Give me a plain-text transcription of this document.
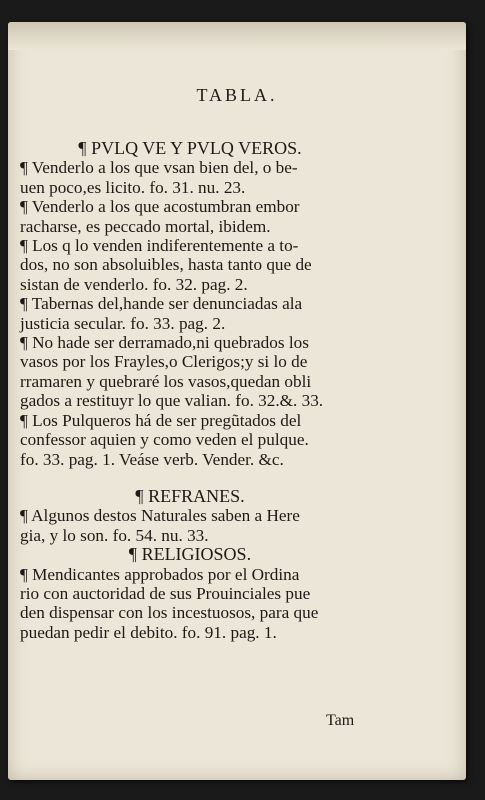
TABLA.
¶ PVLQ VE Y PVLQ VEROS.
¶ Venderlo a los que vsan bien del, o be-
uen poco,es licito. fo. 31. nu. 23.
¶ Venderlo a los que acostumbran embor
racharse, es peccado mortal, ibidem.
¶ Los q lo venden indiferentemente a to-
dos, no son absoluibles, hasta tanto que de
sistan de venderlo. fo. 32. pag. 2.
¶ Tabernas del,hande ser denunciadas ala
justicia secular. fo. 33. pag. 2.
¶ No hade ser derramado,ni quebrados los
vasos por los Frayles,o Clerigos;y si lo de
rramaren y quebraré los vasos,quedan obli
gados a restituyr lo que valian. fo. 32.&. 33.
¶ Los Pulqueros há de ser pregũtados del
confessor aquien y como veden el pulque.
fo. 33. pag. 1. Veáse verb. Vender. &c.
¶ REFRANES.
¶ Algunos destos Naturales saben a Here
gia, y lo son. fo. 54. nu. 33.
¶ RELIGIOSOS.
¶ Mendicantes approbados por el Ordina
rio con auctoridad de sus Prouinciales pue
den dispensar con los incestuosos, para que
puedan pedir el debito. fo. 91. pag. 1.
Tam
